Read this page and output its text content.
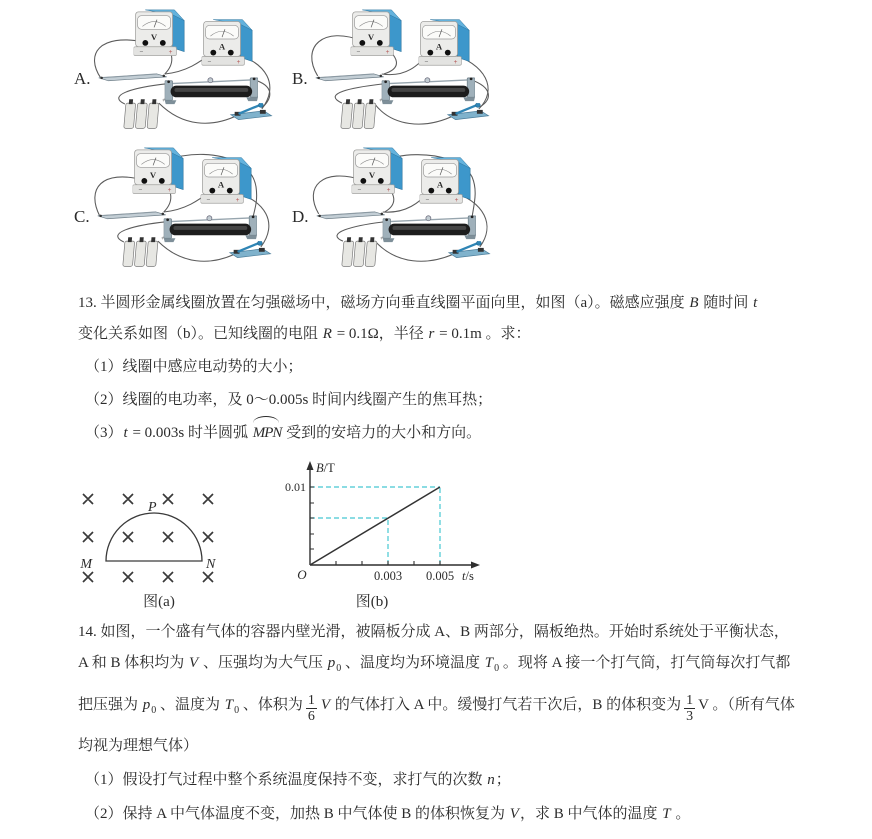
A.	B.
C.	D.
13. 半圆形金属线圈放置在匀强磁场中，磁场方向垂直线圈平面向里，如图（a）。磁感应强度 B 随时间 t
变化关系如图（b）。已知线圈的电阻 R = 0.1Ω，半径 r = 0.1m 。求：
（1）线圈中感应电动势的大小；
（2）线圈的电功率，及 0～0.005s 时间内线圈产生的焦耳热；
（3）t = 0.003s 时半圆弧 MPN 受到的安培力的大小和方向。
P
M	N
图(a)
0.01
B/T
O	0.003 0.005 t/s
图(b)
14. 如图，一个盛有气体的容器内壁光滑，被隔板分成 A、B 两部分，隔板绝热。开始时系统处于平衡状态，
A 和 B 体积均为 V 、压强均为大气压 $p_0$ 、温度均为环境温度 $T_0$ 。现将 A 接一个打气筒，打气筒每次打气都
把压强为 $p_0$ 、温度为 $T_0$ 、体积为 $\frac{1}{6}$ V 的气体打入 A 中。缓慢打气若干次后，B 的体积变为 $\frac{1}{3}$ V 。（所有气体
均视为理想气体）
（1）假设打气过程中整个系统温度保持不变，求打气的次数 n；
（2）保持 A 中气体温度不变，加热 B 中气体使 B 的体积恢复为 V，求 B 中气体的温度 T 。
